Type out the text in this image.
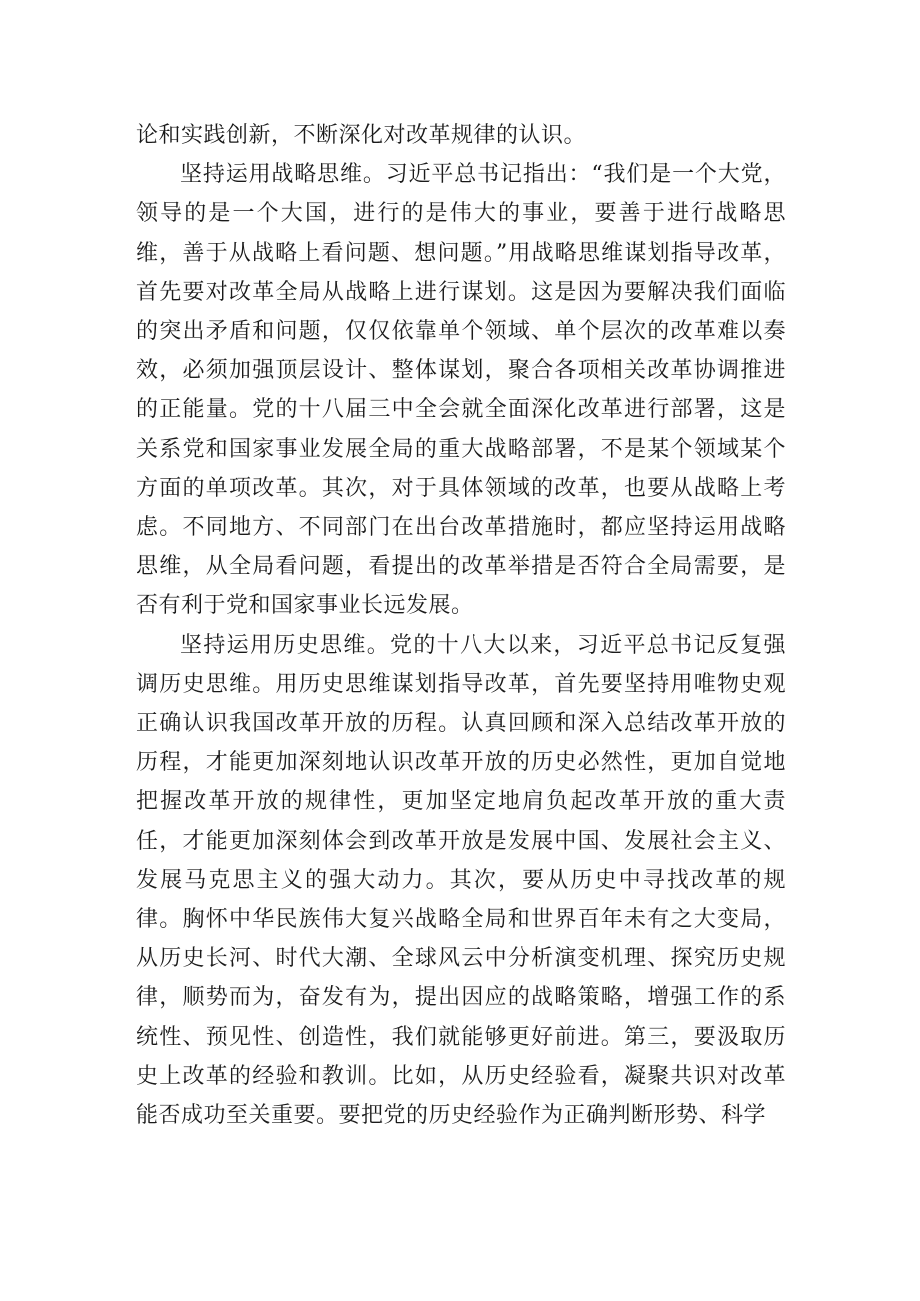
论和实践创新，不断深化对改革规律的认识。

坚持运用战略思维。习近平总书记指出：“我们是一个大党，领导的是一个大国，进行的是伟大的事业，要善于进行战略思维，善于从战略上看问题、想问题。”用战略思维谋划指导改革，首先要对改革全局从战略上进行谋划。这是因为要解决我们面临的突出矛盾和问题，仅仅依靠单个领域、单个层次的改革难以奏效，必须加强顶层设计、整体谋划，聚合各项相关改革协调推进的正能量。党的十八届三中全会就全面深化改革进行部署，这是关系党和国家事业发展全局的重大战略部署，不是某个领域某个方面的单项改革。其次，对于具体领域的改革，也要从战略上考虑。不同地方、不同部门在出台改革措施时，都应坚持运用战略思维，从全局看问题，看提出的改革举措是否符合全局需要，是否有利于党和国家事业长远发展。

坚持运用历史思维。党的十八大以来，习近平总书记反复强调历史思维。用历史思维谋划指导改革，首先要坚持用唯物史观正确认识我国改革开放的历程。认真回顾和深入总结改革开放的历程，才能更加深刻地认识改革开放的历史必然性，更加自觉地把握改革开放的规律性，更加坚定地肩负起改革开放的重大责任，才能更加深刻体会到改革开放是发展中国、发展社会主义、发展马克思主义的强大动力。其次，要从历史中寻找改革的规律。胸怀中华民族伟大复兴战略全局和世界百年未有之大变局，从历史长河、时代大潮、全球风云中分析演变机理、探究历史规律，顺势而为，奋发有为，提出因应的战略策略，增强工作的系统性、预见性、创造性，我们就能够更好前进。第三，要汲取历史上改革的经验和教训。比如，从历史经验看，凝聚共识对改革能否成功至关重要。要把党的历史经验作为正确判断形势、科学
